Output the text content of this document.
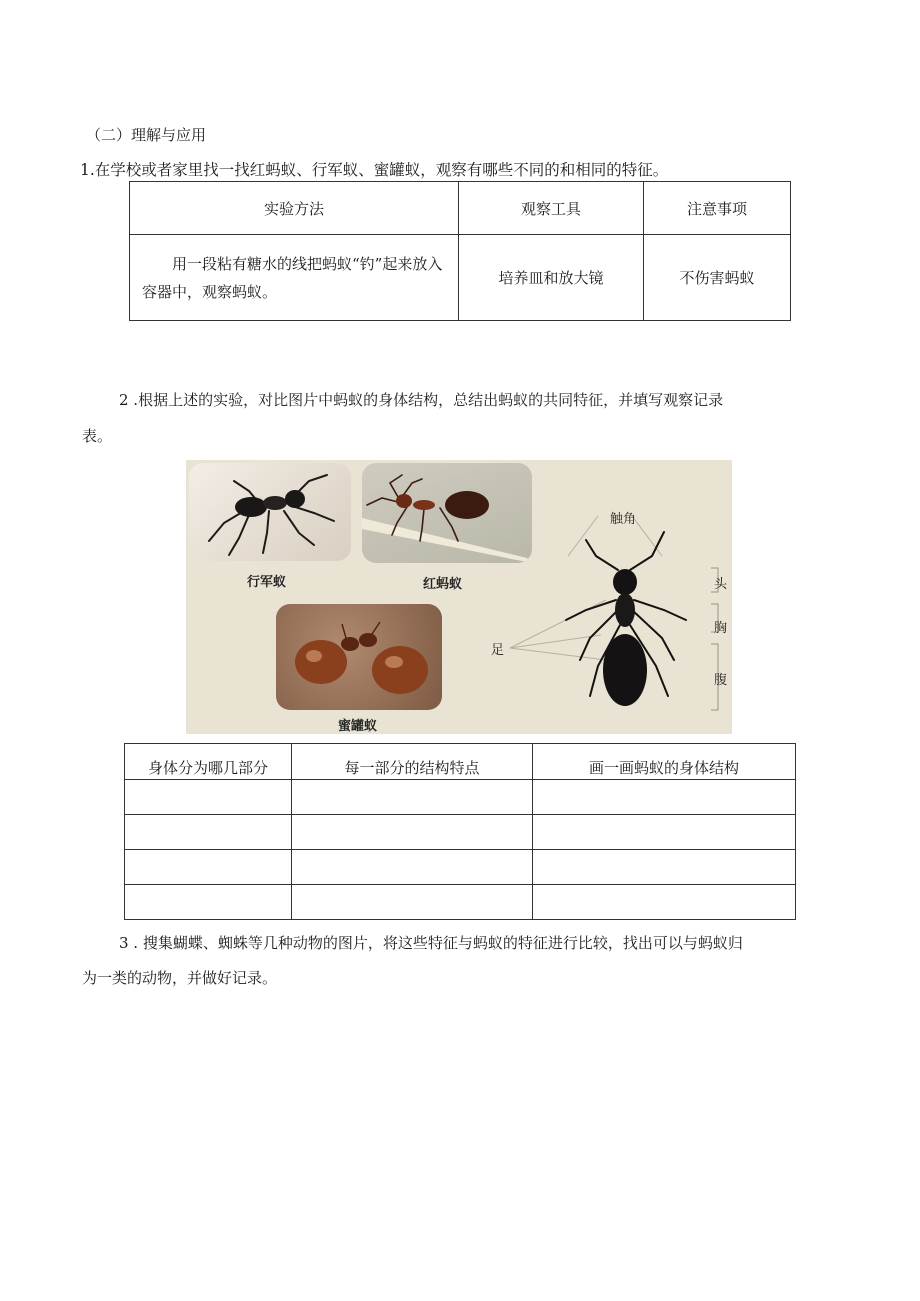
（二）理解与应用
1.在学校或者家里找一找红蚂蚁、行军蚁、蜜罐蚁，观察有哪些不同的和相同的特征。
实验方法	观察工具	注意事项
用一段粘有糖水的线把蚂蚁“钓”起来放入容器中，观察蚂蚁。	培养皿和放大镜	不伤害蚂蚁
2 .根据上述的实验，对比图片中蚂蚁的身体结构，总结出蚂蚁的共同特征，并填写观察记录
表。
行军蚁	红蚂蚁
蜜罐蚁
触角
足
头
胸
腹
身体分为哪几部分	每一部分的结构特点	画一画蚂蚁的身体结构

3 . 搜集蝴蝶、蜘蛛等几种动物的图片，将这些特征与蚂蚁的特征进行比较，找出可以与蚂蚁归
为一类的动物，并做好记录。
